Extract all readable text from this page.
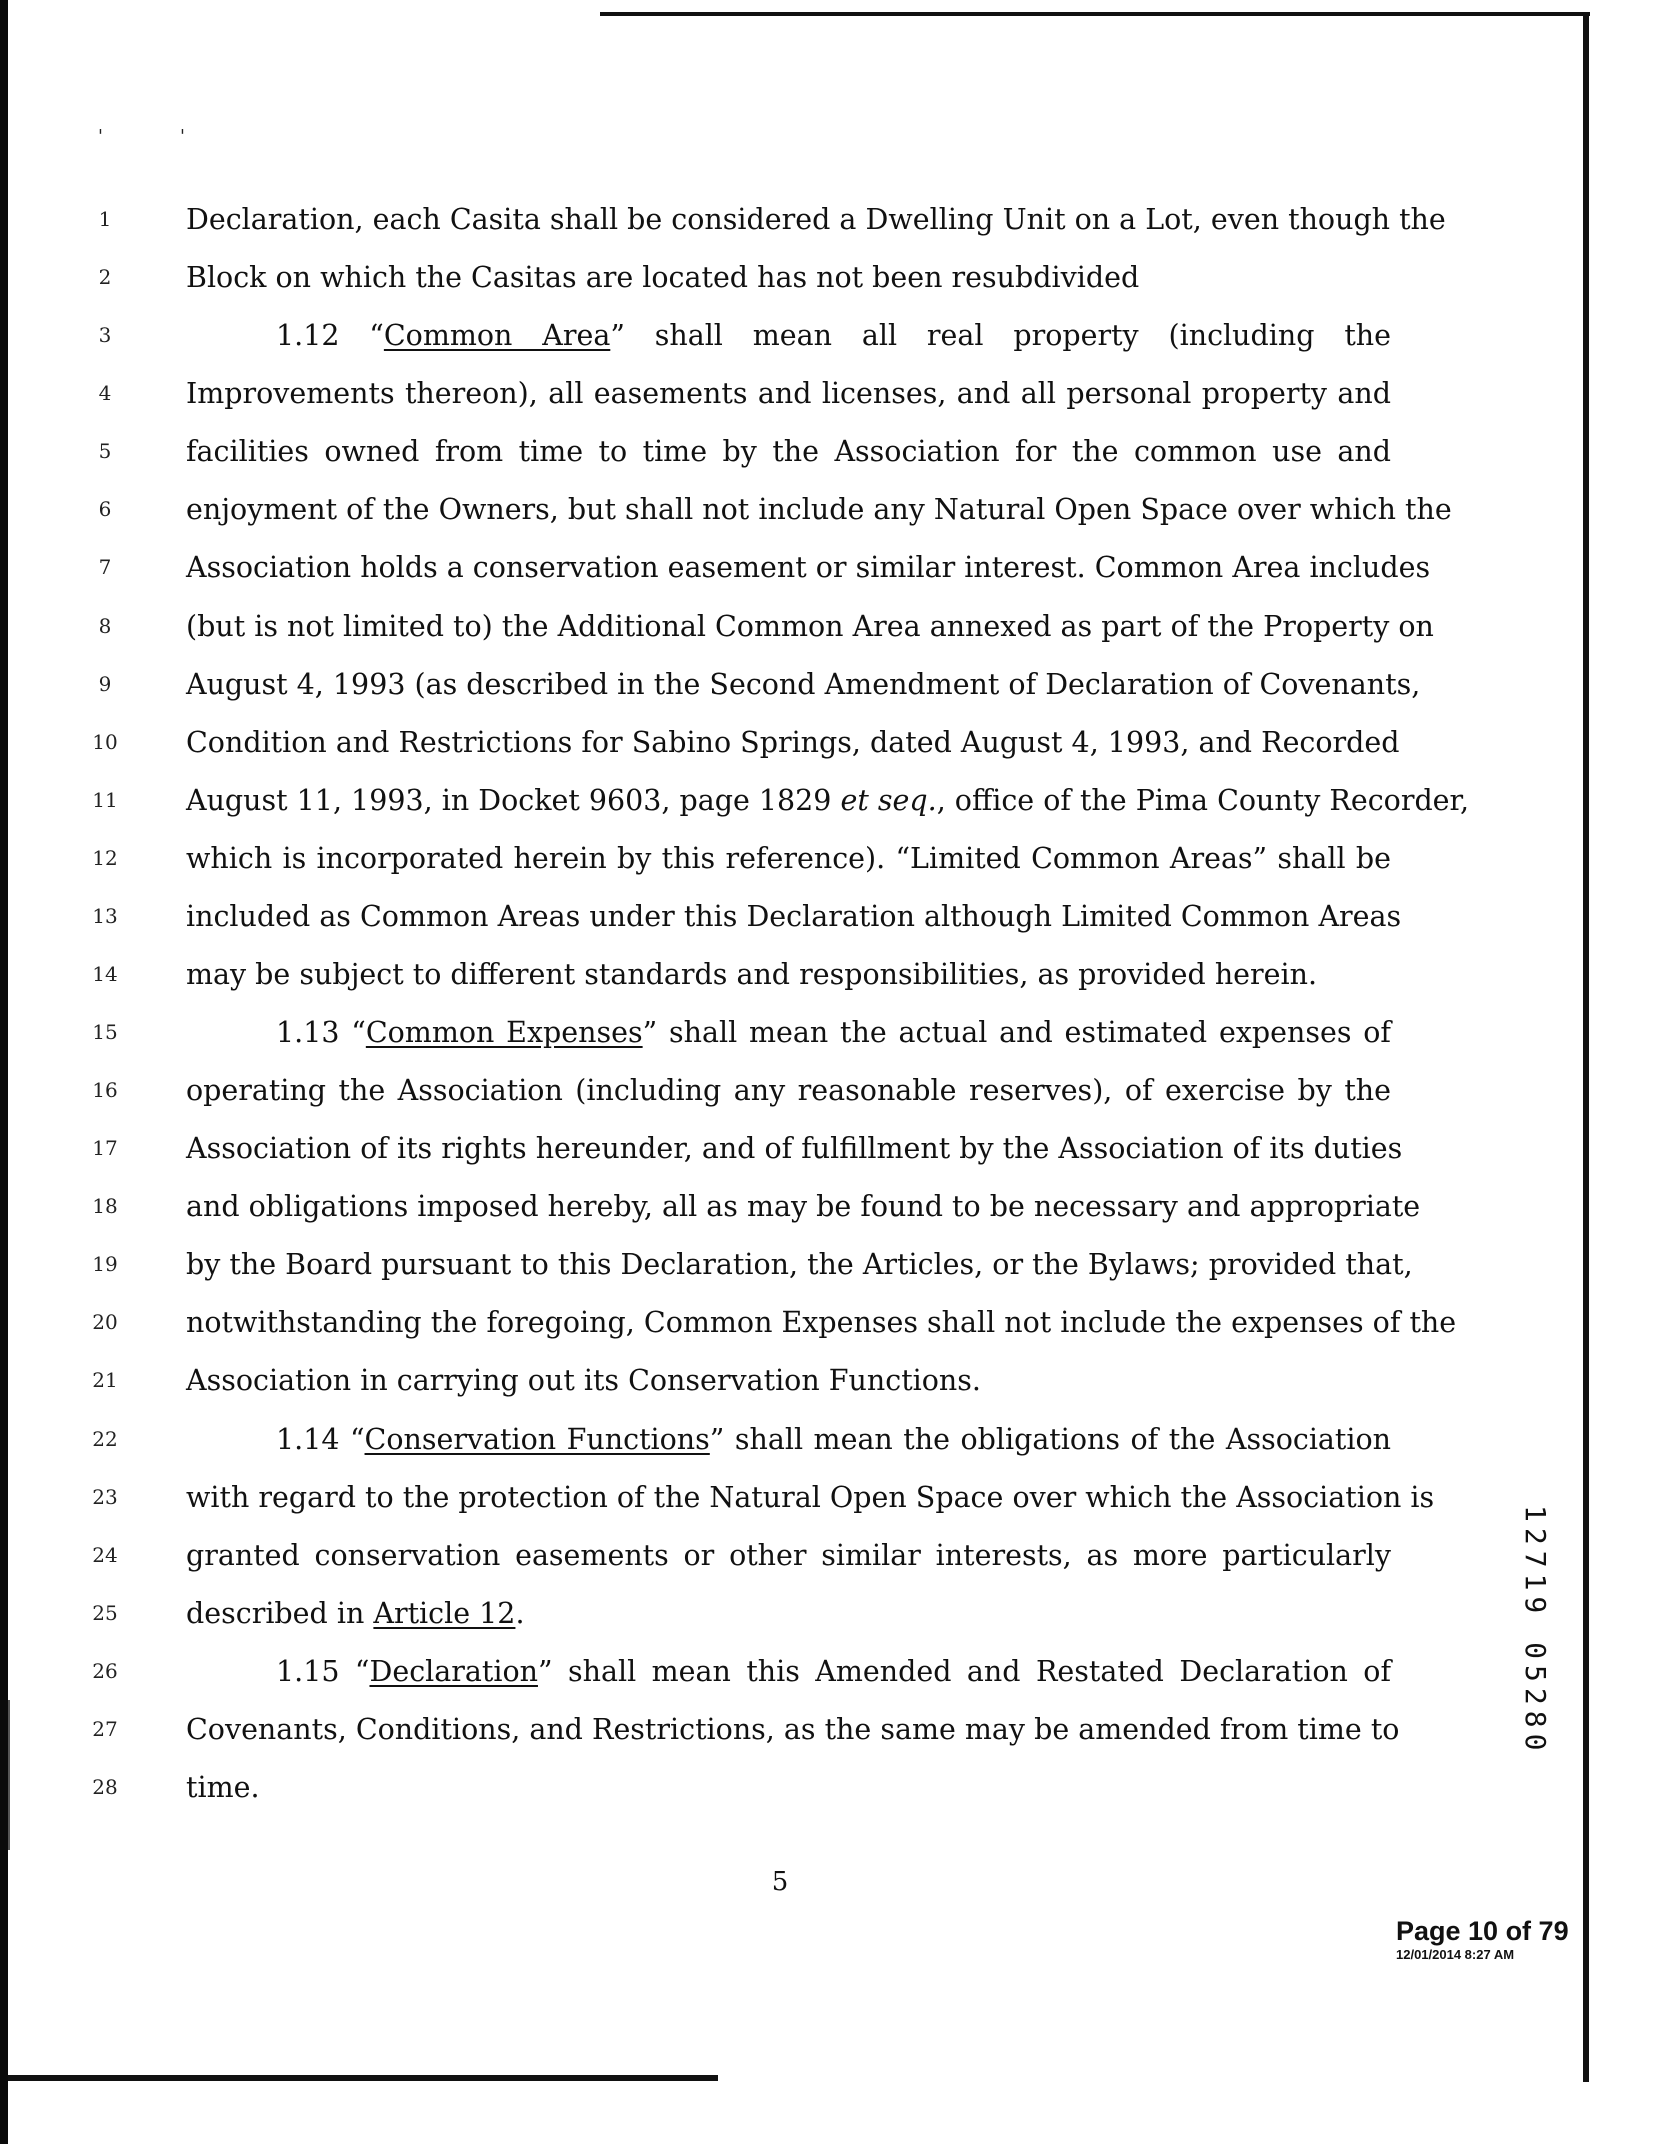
'	'
1	Declaration, each Casita shall be considered a Dwelling Unit on a Lot, even though the
2	Block on which the Casitas are located has not been resubdivided
3	1.12 “Common Area” shall mean all real property (including the
4	Improvements thereon), all easements and licenses, and all personal property and
5	facilities owned from time to time by the Association for the common use and
6	enjoyment of the Owners, but shall not include any Natural Open Space over which the
7	Association holds a conservation easement or similar interest. Common Area includes
8	(but is not limited to) the Additional Common Area annexed as part of the Property on
9	August 4, 1993 (as described in the Second Amendment of Declaration of Covenants,
10	Condition and Restrictions for Sabino Springs, dated August 4, 1993, and Recorded
11	August 11, 1993, in Docket 9603, page 1829 et seq., office of the Pima County Recorder,
12	which is incorporated herein by this reference). “Limited Common Areas” shall be
13	included as Common Areas under this Declaration although Limited Common Areas
14	may be subject to different standards and responsibilities, as provided herein.
15	1.13 “Common Expenses” shall mean the actual and estimated expenses of
16	operating the Association (including any reasonable reserves), of exercise by the
17	Association of its rights hereunder, and of fulfillment by the Association of its duties
18	and obligations imposed hereby, all as may be found to be necessary and appropriate
19	by the Board pursuant to this Declaration, the Articles, or the Bylaws; provided that,
20	notwithstanding the foregoing, Common Expenses shall not include the expenses of the
21	Association in carrying out its Conservation Functions.
22	1.14 “Conservation Functions” shall mean the obligations of the Association
23	with regard to the protection of the Natural Open Space over which the Association is
24	granted conservation easements or other similar interests, as more particularly
25	described in Article 12.
26	1.15 “Declaration” shall mean this Amended and Restated Declaration of
27	Covenants, Conditions, and Restrictions, as the same may be amended from time to
28	time.
5
12719 05280
Page 10 of 79
12/01/2014 8:27 AM
